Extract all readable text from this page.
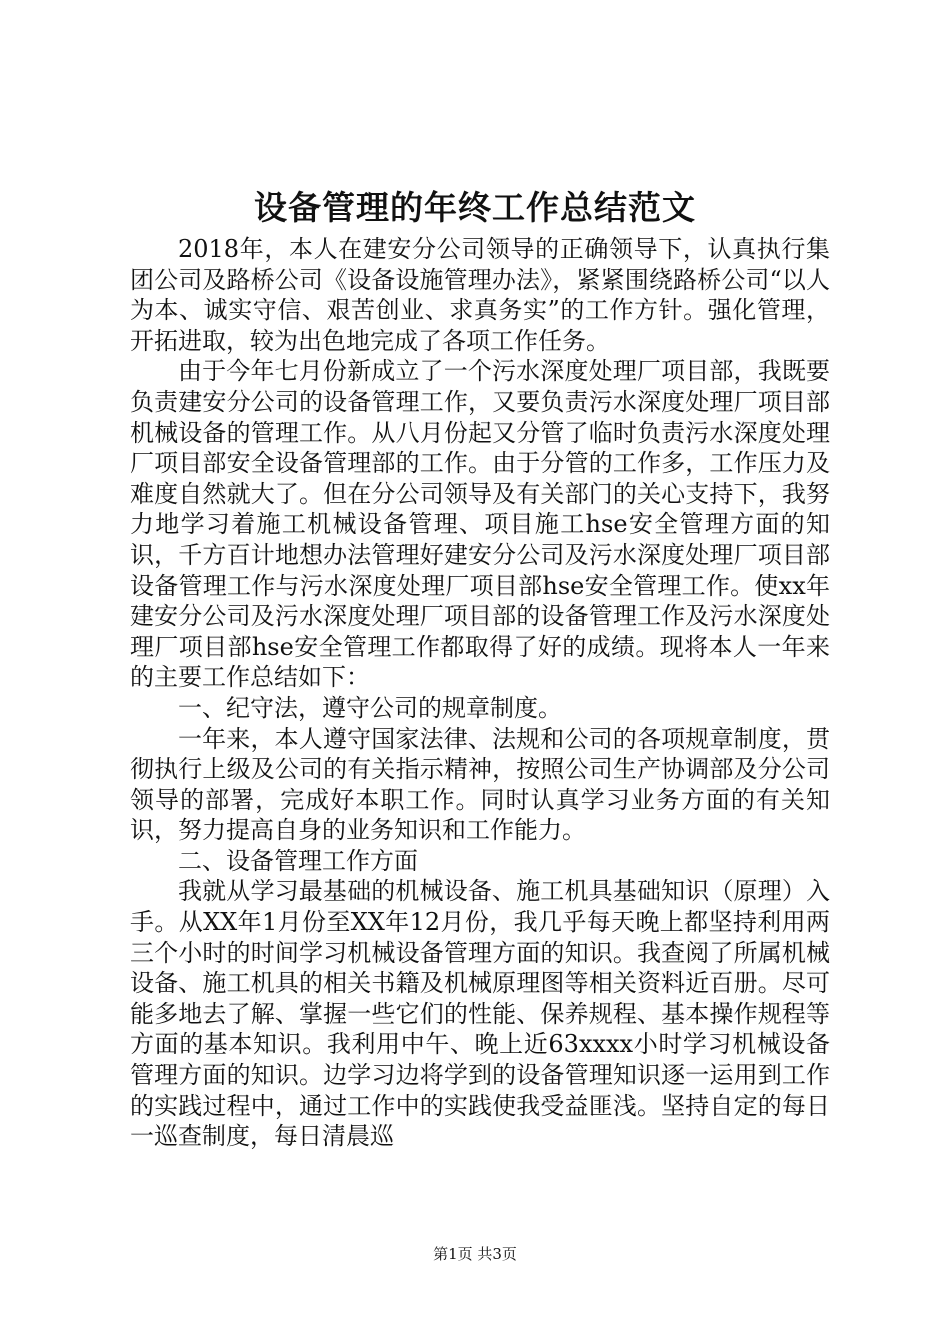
设备管理的年终工作总结范文

2018年，本人在建安分公司领导的正确领导下，认真执行集团公司及路桥公司《设备设施管理办法》，紧紧围绕路桥公司“以人为本、诚实守信、艰苦创业、求真务实”的工作方针。强化管理，开拓进取，较为出色地完成了各项工作任务。

由于今年七月份新成立了一个污水深度处理厂项目部，我既要负责建安分公司的设备管理工作，又要负责污水深度处理厂项目部机械设备的管理工作。从八月份起又分管了临时负责污水深度处理厂项目部安全设备管理部的工作。由于分管的工作多，工作压力及难度自然就大了。但在分公司领导及有关部门的关心支持下，我努力地学习着施工机械设备管理、项目施工hse安全管理方面的知识，千方百计地想办法管理好建安分公司及污水深度处理厂项目部设备管理工作与污水深度处理厂项目部hse安全管理工作。使xx年建安分公司及污水深度处理厂项目部的设备管理工作及污水深度处理厂项目部hse安全管理工作都取得了好的成绩。现将本人一年来的主要工作总结如下：

一、纪守法，遵守公司的规章制度。

一年来，本人遵守国家法律、法规和公司的各项规章制度，贯彻执行上级及公司的有关指示精神，按照公司生产协调部及分公司领导的部署，完成好本职工作。同时认真学习业务方面的有关知识，努力提高自身的业务知识和工作能力。

二、设备管理工作方面

我就从学习最基础的机械设备、施工机具基础知识（原理）入手。从XX年1月份至XX年12月份，我几乎每天晚上都坚持利用两三个小时的时间学习机械设备管理方面的知识。我查阅了所属机械设备、施工机具的相关书籍及机械原理图等相关资料近百册。尽可能多地去了解、掌握一些它们的性能、保养规程、基本操作规程等方面的基本知识。我利用中午、晚上近63xxxx小时学习机械设备管理方面的知识。边学习边将学到的设备管理知识逐一运用到工作的实践过程中，通过工作中的实践使我受益匪浅。坚持自定的每日一巡查制度，每日清晨巡

第1页 共3页
